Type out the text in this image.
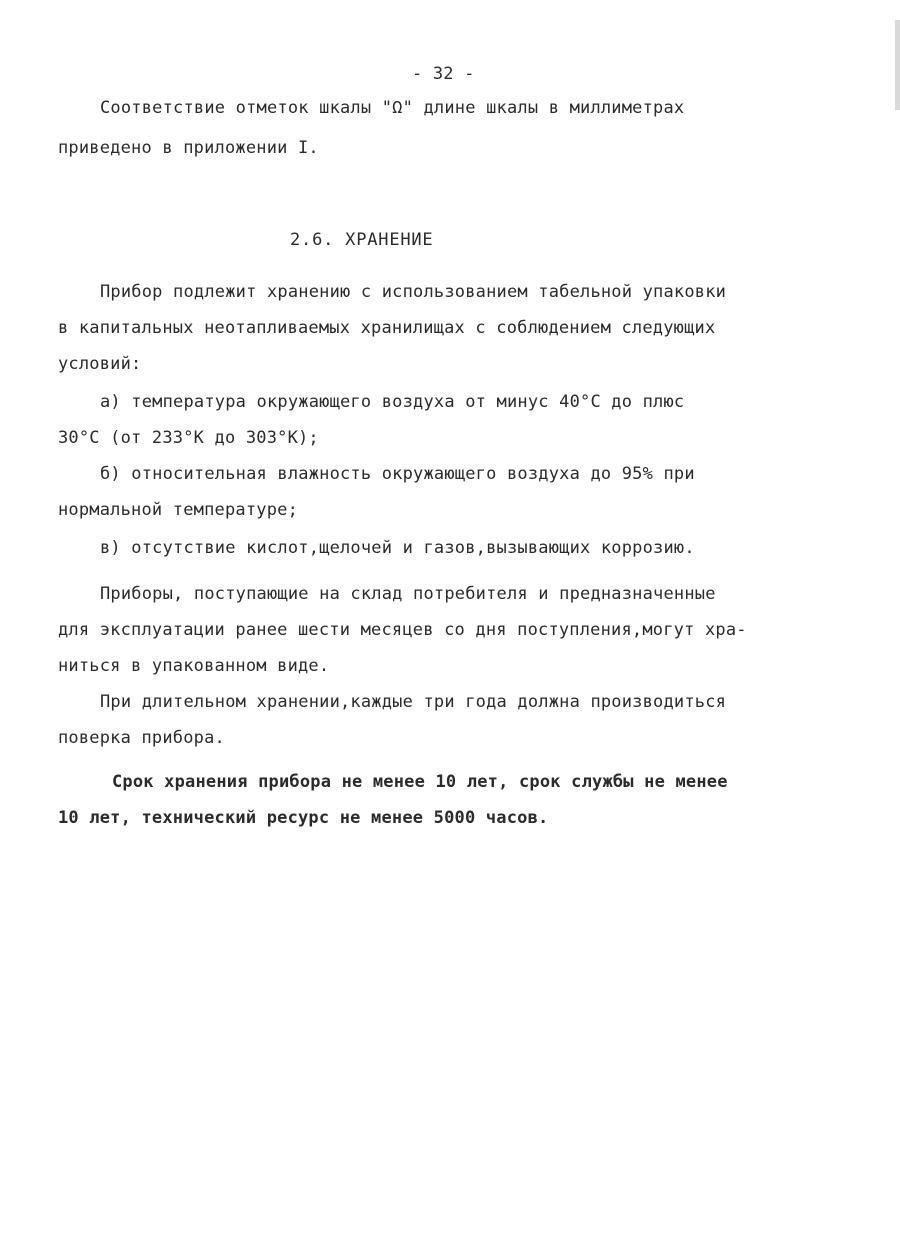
- 32 -

Соответствие отметок шкалы "Ω" длине шкалы в миллиметрах

приведено в приложении I.

2.6. ХРАНЕНИЕ

Прибор подлежит хранению с использованием табельной упаковки

в капитальных неотапливаемых хранилищах с соблюдением следующих

условий:

а) температура окружающего воздуха от минус 40°С до плюс

30°С (от 233°К до 303°К);

б) относительная влажность окружающего воздуха до 95% при

нормальной температуре;

в) отсутствие кислот,щелочей и газов,вызывающих коррозию.

Приборы, поступающие на склад потребителя и предназначенные

для эксплуатации ранее шести месяцев со дня поступления,могут хра-

ниться в упакованном виде.

При длительном хранении,каждые три года должна производиться

поверка прибора.

Срок хранения прибора не менее 10 лет, срок службы не менее

10 лет, технический ресурс не менее 5000 часов.
